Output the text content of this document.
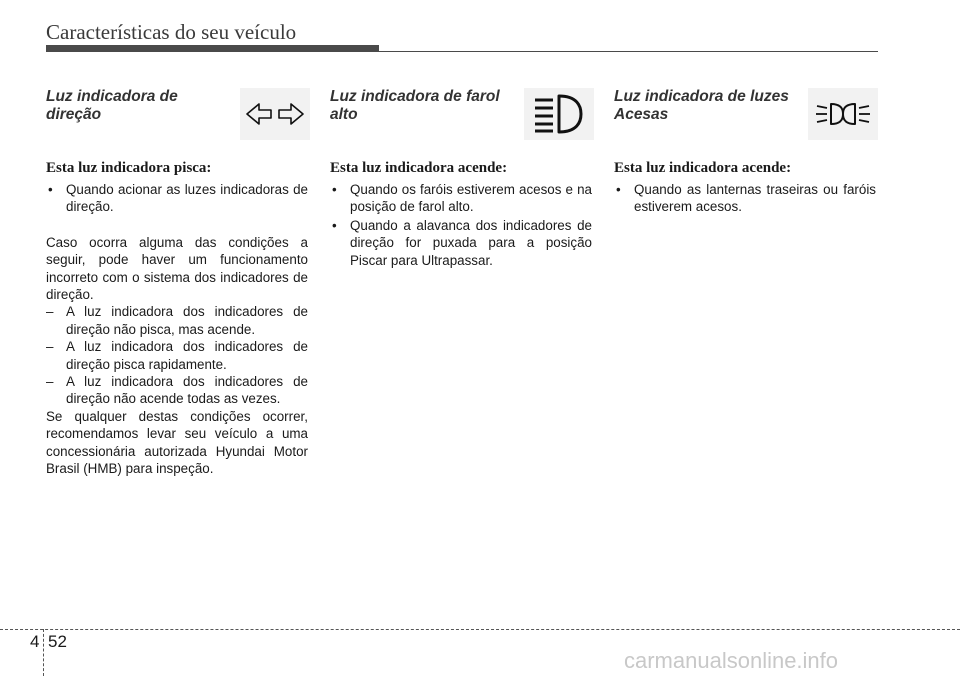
Características do seu veículo
Luz indicadora de direção
Esta luz indicadora pisca:
• Quando acionar as luzes indicadoras de direção.

Caso ocorra alguma das condições a seguir, pode haver um funcionamento incorreto com o sistema dos indicadores de direção.

– A luz indicadora dos indicadores de direção não pisca, mas acende.
– A luz indicadora dos indicadores de direção pisca rapidamente.
– A luz indicadora dos indicadores de direção não acende todas as vezes.

Se qualquer destas condições ocorrer, recomendamos levar seu veículo a uma concessionária autorizada Hyundai Motor Brasil (HMB) para inspeção.

Luz indicadora de farol alto
Esta luz indicadora acende:
• Quando os faróis estiverem acesos e na posição de farol alto.
• Quando a alavanca dos indicadores de direção for puxada para a posição Piscar para Ultrapassar.
Luz indicadora de luzes Acesas
Esta luz indicadora acende:
• Quando as lanternas traseiras ou faróis estiverem acesos.
4 52
carmanualsonline.info
